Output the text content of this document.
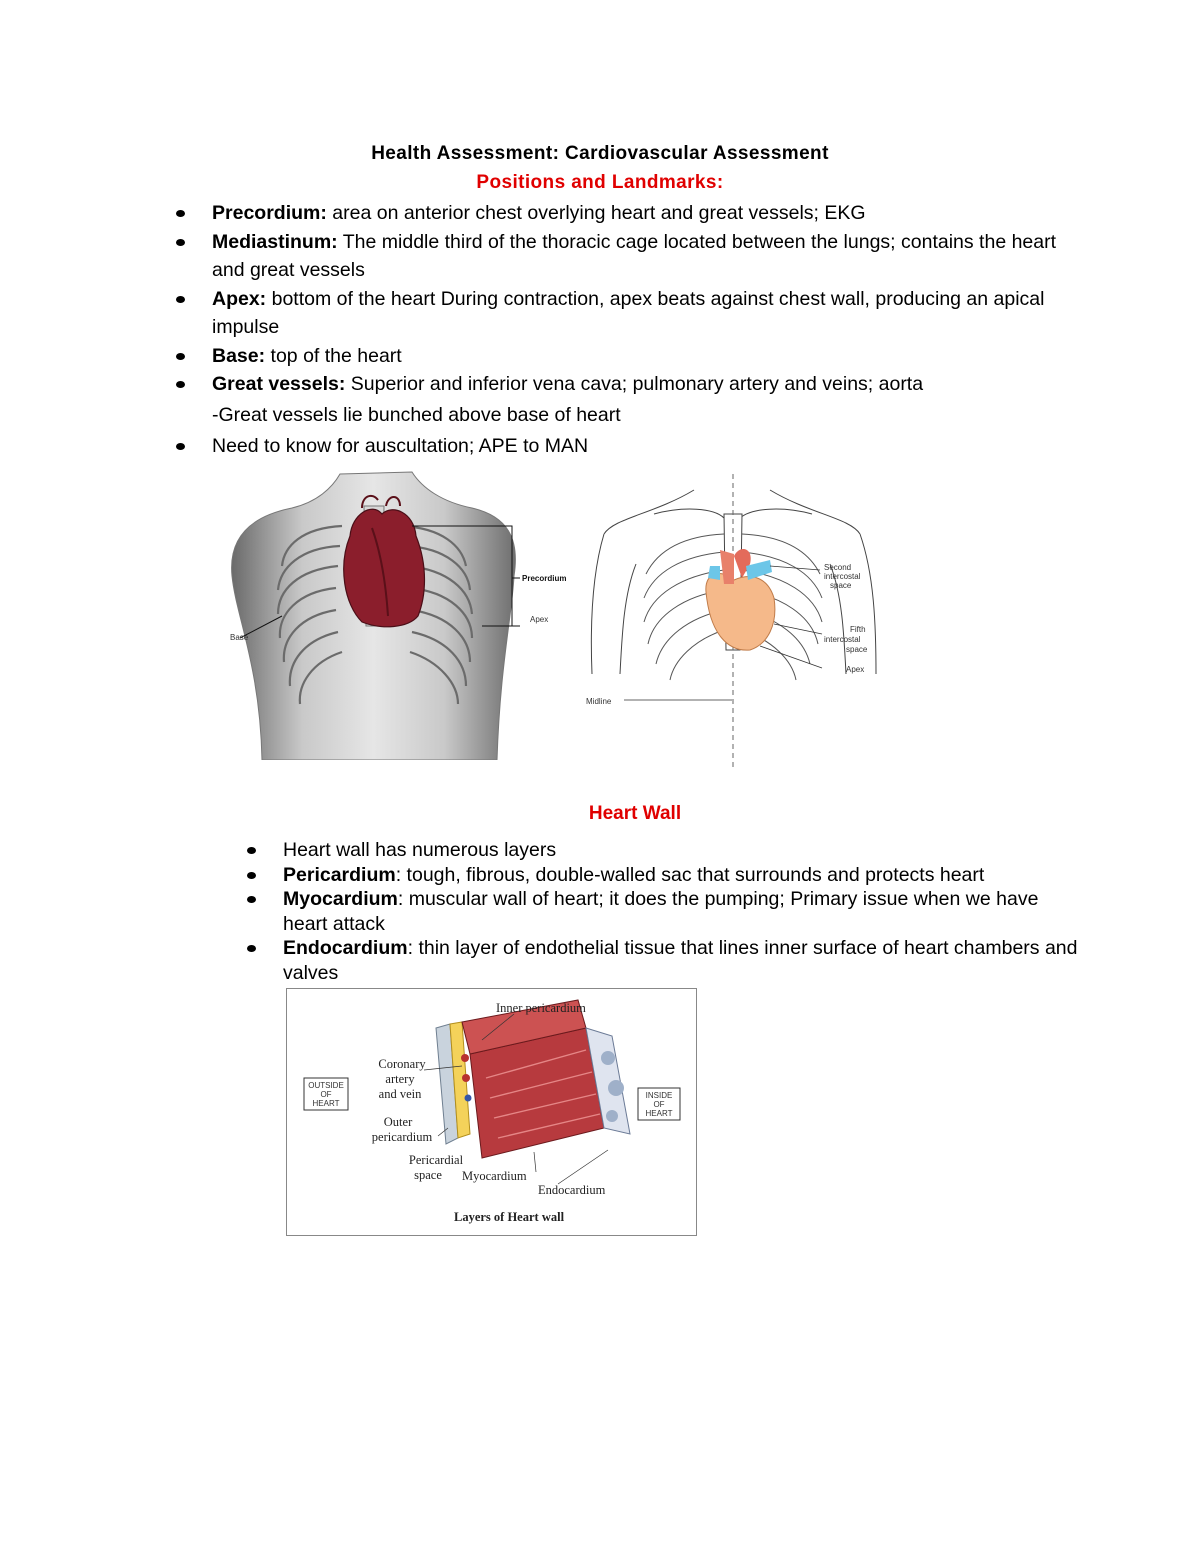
Health Assessment: Cardiovascular Assessment
Positions and Landmarks:
Precordium: area on anterior chest overlying heart and great vessels; EKG
Mediastinum: The middle third of the thoracic cage located between the lungs; contains the heart and great vessels
Apex: bottom of the heart During contraction, apex beats against chest wall, producing an apical impulse
Base: top of the heart
Great vessels: Superior and inferior vena cava; pulmonary artery and veins; aorta
-Great vessels lie bunched above base of heart
Need to know for auscultation; APE to MAN
Precordium
Apex
Base
Second
intercostal
space
Fifth
intercostal
space
Apex
Midline
Heart Wall
Heart wall has numerous layers
Pericardium: tough, fibrous, double-walled sac that surrounds and protects heart
Myocardium: muscular wall of heart; it does the pumping; Primary issue when we have heart attack
Endocardium: thin layer of endothelial tissue that lines inner surface of heart chambers and valves
OUTSIDE
OF
HEART
INSIDE
OF
HEART
Inner pericardium
Coronary
artery
and vein
Outer
pericardium
Pericardial
space Myocardium
Endocardium
Layers of Heart wall
